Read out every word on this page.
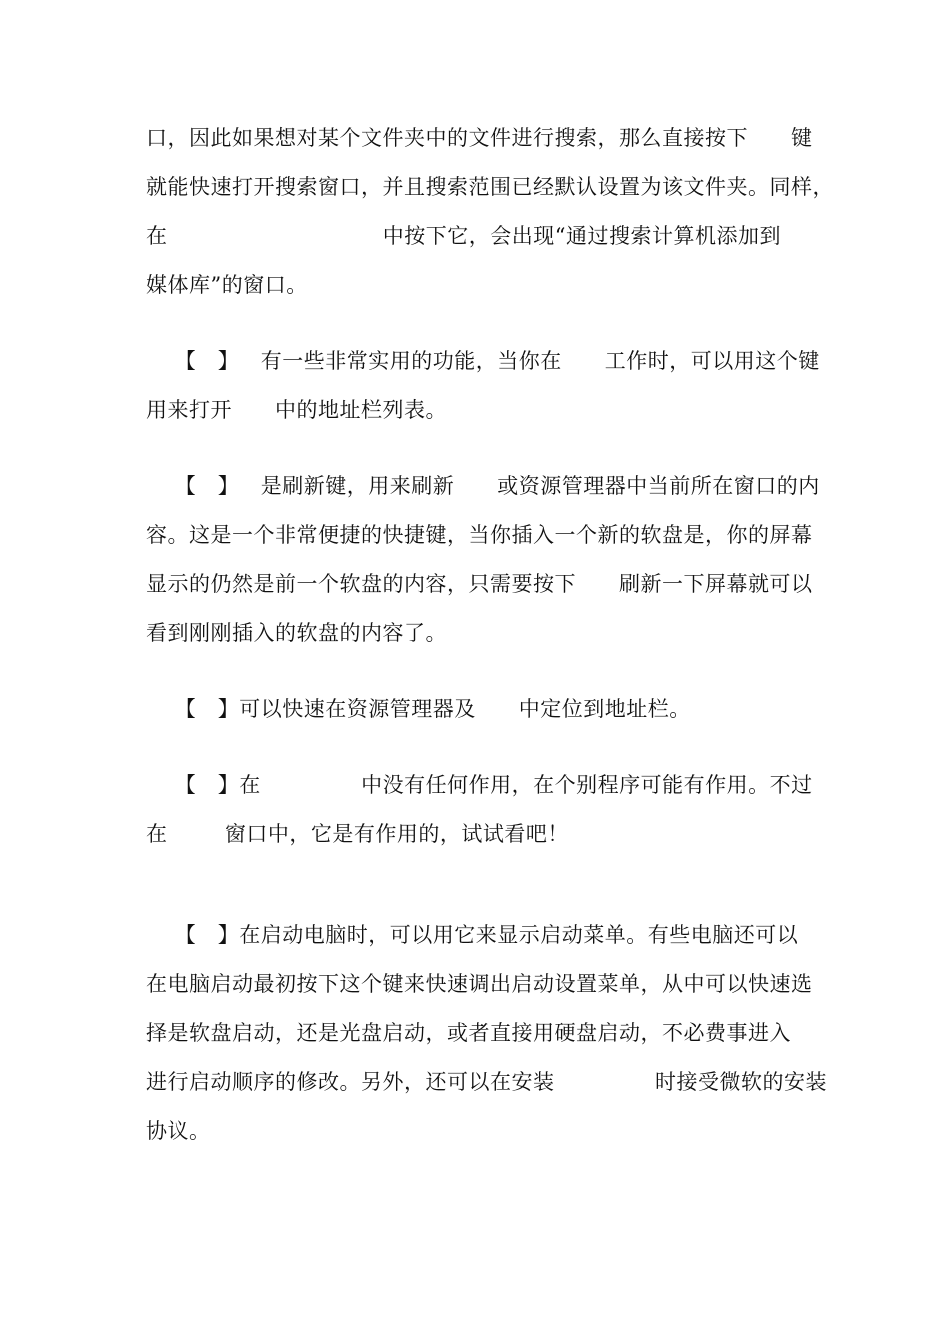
口，因此如果想对某个文件夹中的文件进行搜索，那么直接按下      键
就能快速打开搜索窗口，并且搜索范围已经默认设置为该文件夹。同样，
在                              中按下它，会出现“通过搜索计算机添加到
媒体库”的窗口。
【   】   有一些非常实用的功能，当你在      工作时，可以用这个键
用来打开      中的地址栏列表。
【   】   是刷新键，用来刷新      或资源管理器中当前所在窗口的内
容。这是一个非常便捷的快捷键，当你插入一个新的软盘是，你的屏幕
显示的仍然是前一个软盘的内容，只需要按下      刷新一下屏幕就可以
看到刚刚插入的软盘的内容了。
【   】可以快速在资源管理器及      中定位到地址栏。
【   】在              中没有任何作用，在个别程序可能有作用。不过
在        窗口中，它是有作用的，试试看吧！
【   】在启动电脑时，可以用它来显示启动菜单。有些电脑还可以
在电脑启动最初按下这个键来快速调出启动设置菜单，从中可以快速选
择是软盘启动，还是光盘启动，或者直接用硬盘启动，不必费事进入
进行启动顺序的修改。另外，还可以在安装              时接受微软的安装
协议。
